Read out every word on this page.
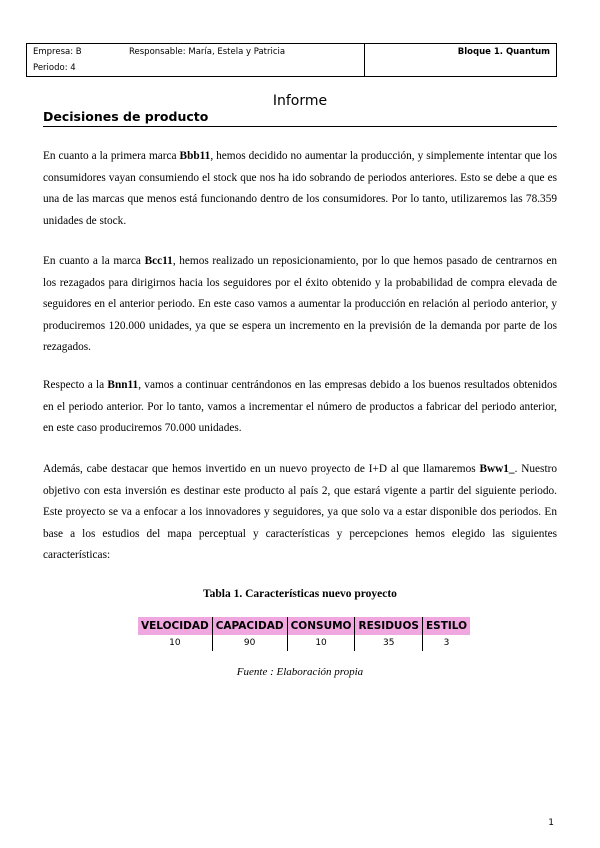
Empresa: B	Responsable: María, Estela y Patricia
Periodo: 4
Bloque 1. Quantum
Informe
Decisiones de producto

En cuanto a la primera marca Bbb11, hemos decidido no aumentar la producción, y simplemente intentar que los consumidores vayan consumiendo el stock que nos ha ido sobrando de periodos anteriores. Esto se debe a que es una de las marcas que menos está funcionando dentro de los consumidores. Por lo tanto, utilizaremos las 78.359 unidades de stock.

En cuanto a la marca Bcc11, hemos realizado un reposicionamiento, por lo que hemos pasado de centrarnos en los rezagados para dirigirnos hacia los seguidores por el éxito obtenido y la probabilidad de compra elevada de seguidores en el anterior periodo. En este caso vamos a aumentar la producción en relación al periodo anterior, y produciremos 120.000 unidades, ya que se espera un incremento en la previsión de la demanda por parte de los rezagados.

Respecto a la Bnn11, vamos a continuar centrándonos en las empresas debido a los buenos resultados obtenidos en el periodo anterior. Por lo tanto, vamos a incrementar el número de productos a fabricar del periodo anterior, en este caso produciremos 70.000 unidades.

Además, cabe destacar que hemos invertido en un nuevo proyecto de I+D al que llamaremos Bww1_. Nuestro objetivo con esta inversión es destinar este producto al país 2, que estará vigente a partir del siguiente periodo. Este proyecto se va a enfocar a los innovadores y seguidores, ya que solo va a estar disponible dos periodos. En base a los estudios del mapa perceptual y características y percepciones hemos elegido las siguientes características:

Tabla 1. Características nuevo proyecto
VELOCIDAD	CAPACIDAD	CONSUMO	RESIDUOS	ESTILO
10	90	10	35	3
Fuente : Elaboración propia
1
